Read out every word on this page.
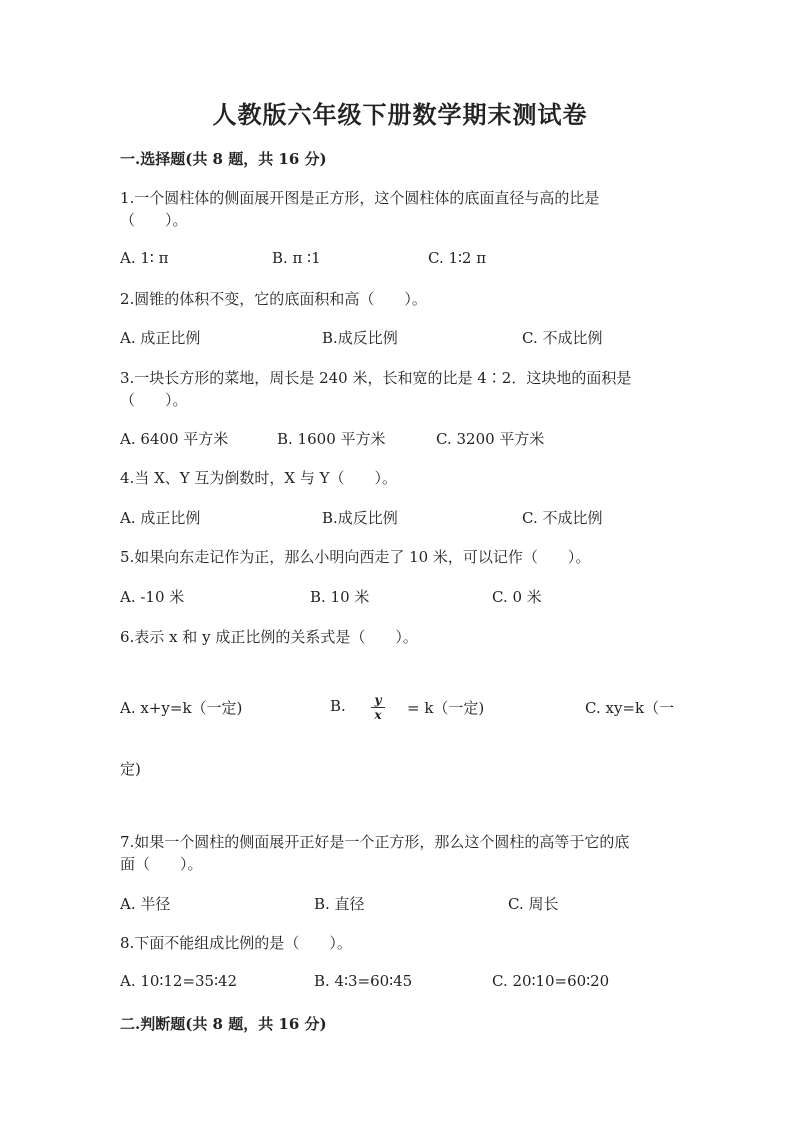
人教版六年级下册数学期末测试卷
一.选择题(共 8 题，共 16 分)
1.一个圆柱体的侧面展开图是正方形，这个圆柱体的底面直径与高的比是
（　　）。
A. 1∶ π	B. π ∶1	C. 1∶2 π
2.圆锥的体积不变，它的底面积和高（　　）。
A. 成正比例	B.成反比例	C. 不成比例
3.一块长方形的菜地，周长是 240 米，长和宽的比是 4∶2．这块地的面积是
（　　）。
A. 6400 平方米	B. 1600 平方米	C. 3200 平方米
4.当 X、Y 互为倒数时，X 与 Y（　　）。
A. 成正比例	B.成反比例	C. 不成比例
5.如果向东走记作为正，那么小明向西走了 10 米，可以记作（　　）。
A. -10 米	B. 10 米	C. 0 米
6.表示 x 和 y 成正比例的关系式是（　　）。
A. x+y=k（一定)	B. y
x = k（一定)	C. xy=k（一
定)
7.如果一个圆柱的侧面展开正好是一个正方形，那么这个圆柱的高等于它的底
面（　　）。
A. 半径	B. 直径	C. 周长
8.下面不能组成比例的是（　　）。
A. 10∶12=35∶42	B. 4∶3=60∶45	C. 20∶10=60∶20
二.判断题(共 8 题，共 16 分)
